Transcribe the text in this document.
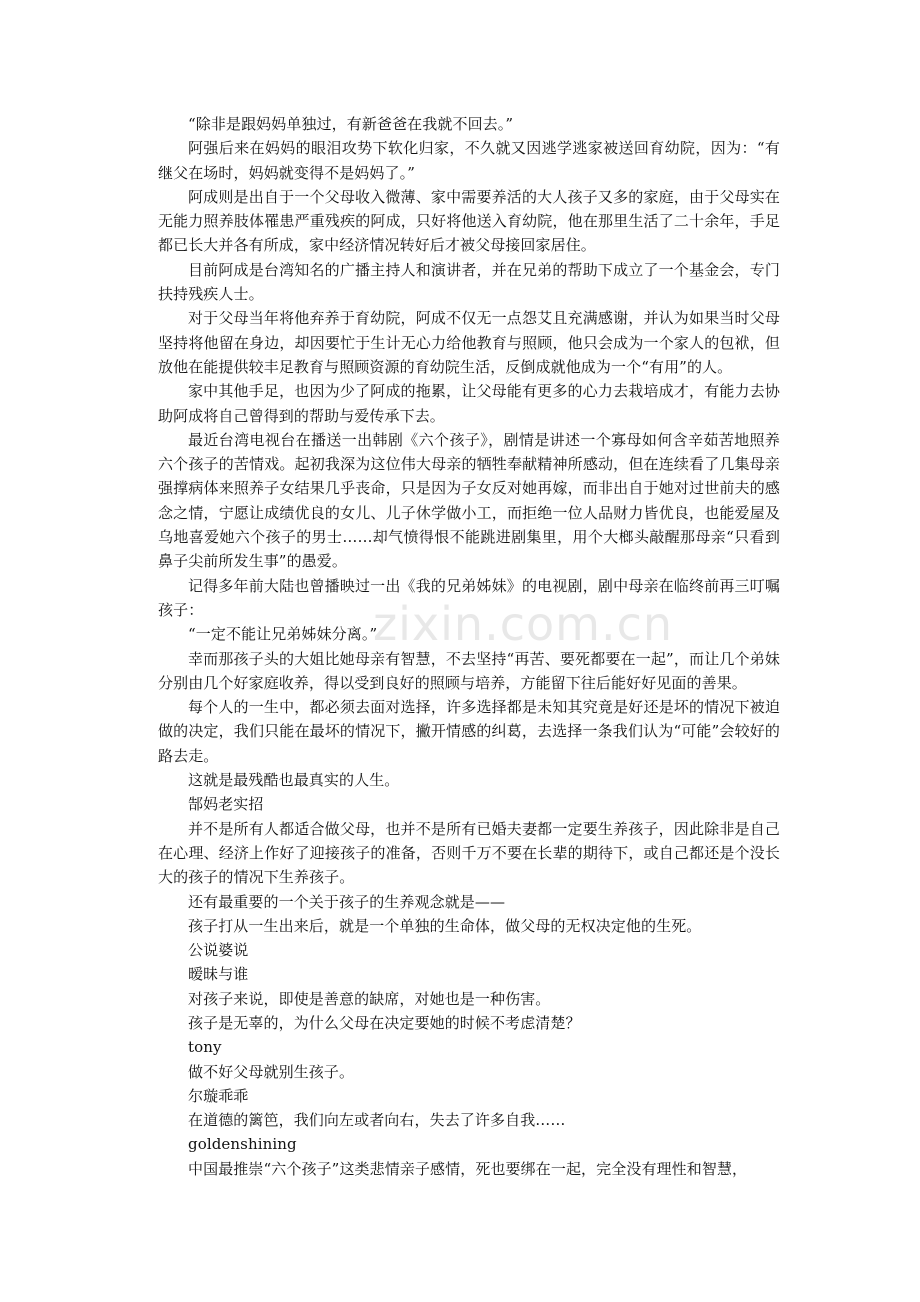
zixin.com.cn

“除非是跟妈妈单独过，有新爸爸在我就不回去。”

阿强后来在妈妈的眼泪攻势下软化归家，不久就又因逃学逃家被送回育幼院，因为：“有继父在场时，妈妈就变得不是妈妈了。”

阿成则是出自于一个父母收入微薄、家中需要养活的大人孩子又多的家庭，由于父母实在无能力照养肢体罹患严重残疾的阿成，只好将他送入育幼院，他在那里生活了二十余年，手足都已长大并各有所成，家中经济情况转好后才被父母接回家居住。

目前阿成是台湾知名的广播主持人和演讲者，并在兄弟的帮助下成立了一个基金会，专门扶持残疾人士。

对于父母当年将他弃养于育幼院，阿成不仅无一点怨艾且充满感谢，并认为如果当时父母坚持将他留在身边，却因要忙于生计无心力给他教育与照顾，他只会成为一个家人的包袱，但放他在能提供较丰足教育与照顾资源的育幼院生活，反倒成就他成为一个“有用”的人。

家中其他手足，也因为少了阿成的拖累，让父母能有更多的心力去栽培成才，有能力去协助阿成将自己曾得到的帮助与爱传承下去。

最近台湾电视台在播送一出韩剧《六个孩子》，剧情是讲述一个寡母如何含辛茹苦地照养六个孩子的苦情戏。起初我深为这位伟大母亲的牺牲奉献精神所感动，但在连续看了几集母亲强撑病体来照养子女结果几乎丧命，只是因为子女反对她再嫁，而非出自于她对过世前夫的感念之情，宁愿让成绩优良的女儿、儿子休学做小工，而拒绝一位人品财力皆优良，也能爱屋及乌地喜爱她六个孩子的男士……却气愤得恨不能跳进剧集里，用个大榔头敲醒那母亲“只看到鼻子尖前所发生事”的愚爱。

记得多年前大陆也曾播映过一出《我的兄弟姊妹》的电视剧，剧中母亲在临终前再三叮嘱孩子：

“一定不能让兄弟姊妹分离。”

幸而那孩子头的大姐比她母亲有智慧，不去坚持“再苦、要死都要在一起”，而让几个弟妹分别由几个好家庭收养，得以受到良好的照顾与培养，方能留下往后能好好见面的善果。

每个人的一生中，都必须去面对选择，许多选择都是未知其究竟是好还是坏的情况下被迫做的决定，我们只能在最坏的情况下，撇开情感的纠葛，去选择一条我们认为“可能”会较好的路去走。

这就是最残酷也最真实的人生。

郜妈老实招

并不是所有人都适合做父母，也并不是所有已婚夫妻都一定要生养孩子，因此除非是自己在心理、经济上作好了迎接孩子的准备，否则千万不要在长辈的期待下，或自己都还是个没长大的孩子的情况下生养孩子。

还有最重要的一个关于孩子的生养观念就是——

孩子打从一生出来后，就是一个单独的生命体，做父母的无权决定他的生死。

公说婆说

暧昧与谁

对孩子来说，即使是善意的缺席，对她也是一种伤害。

孩子是无辜的，为什么父母在决定要她的时候不考虑清楚？

tony

做不好父母就别生孩子。

尔璇乖乖

在道德的篱笆，我们向左或者向右，失去了许多自我……

goldenshining

中国最推崇“六个孩子”这类悲情亲子感情，死也要绑在一起，完全没有理性和智慧，
